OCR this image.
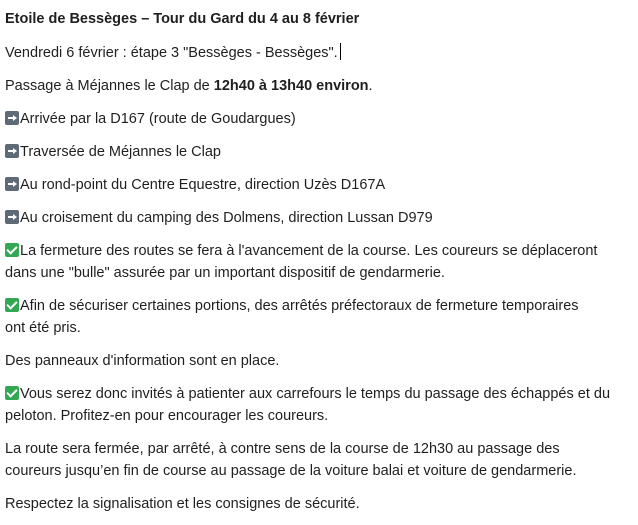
Etoile de Bessèges – Tour du Gard du 4 au 8 février

Vendredi 6 février : étape 3 "Bessèges - Bessèges".

Passage à Méjannes le Clap de 12h40 à 13h40 environ.

Arrivée par la D167 (route de Goudargues)

Traversée de Méjannes le Clap

Au rond-point du Centre Equestre, direction Uzès D167A

Au croisement du camping des Dolmens, direction Lussan D979

La fermeture des routes se fera à l'avancement de la course. Les coureurs se déplaceront
dans une "bulle" assurée par un important dispositif de gendarmerie.
Afin de sécuriser certaines portions, des arrêtés préfectoraux de fermeture temporaires
ont été pris.

Des panneaux d'information sont en place.

Vous serez donc invités à patienter aux carrefours le temps du passage des échappés et du
peloton. Profitez-en pour encourager les coureurs.
La route sera fermée, par arrêté, à contre sens de la course de 12h30 au passage des
coureurs jusqu’en fin de course au passage de la voiture balai et voiture de gendarmerie.

Respectez la signalisation et les consignes de sécurité.
